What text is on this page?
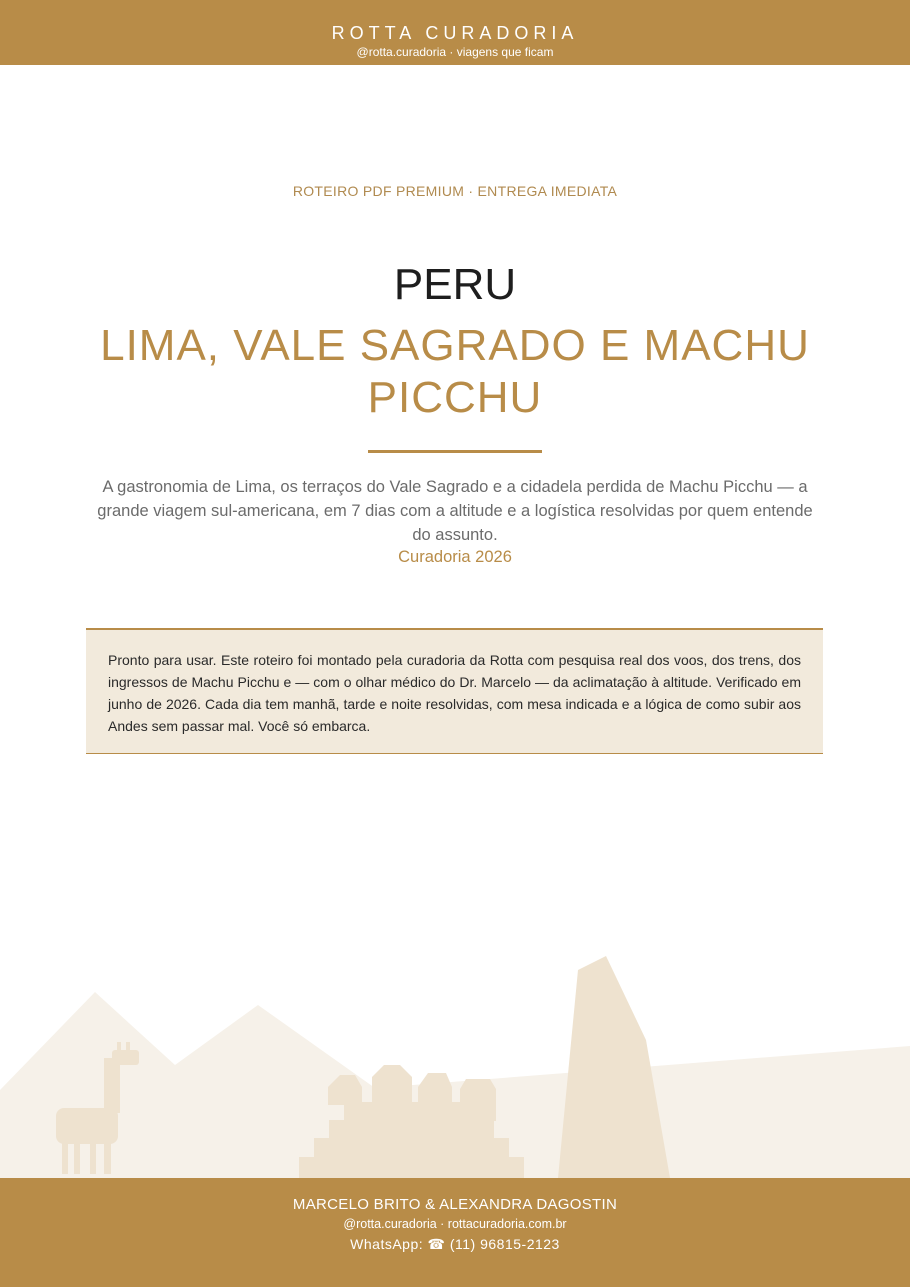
ROTTA CURADORIA
@rotta.curadoria · viagens que ficam
ROTEIRO PDF PREMIUM · ENTREGA IMEDIATA
PERU
LIMA, VALE SAGRADO E MACHU PICCHU
A gastronomia de Lima, os terraços do Vale Sagrado e a cidadela perdida de Machu Picchu — a grande viagem sul-americana, em 7 dias com a altitude e a logística resolvidas por quem entende do assunto.
Curadoria 2026

Pronto para usar. Este roteiro foi montado pela curadoria da Rotta com pesquisa real dos voos, dos trens, dos ingressos de Machu Picchu e — com o olhar médico do Dr. Marcelo — da aclimatação à altitude. Verificado em junho de 2026. Cada dia tem manhã, tarde e noite resolvidas, com mesa indicada e a lógica de como subir aos Andes sem passar mal. Você só embarca.

MARCELO BRITO & ALEXANDRA DAGOSTIN
@rotta.curadoria · rottacuradoria.com.br
WhatsApp: ☎ (11) 96815-2123
